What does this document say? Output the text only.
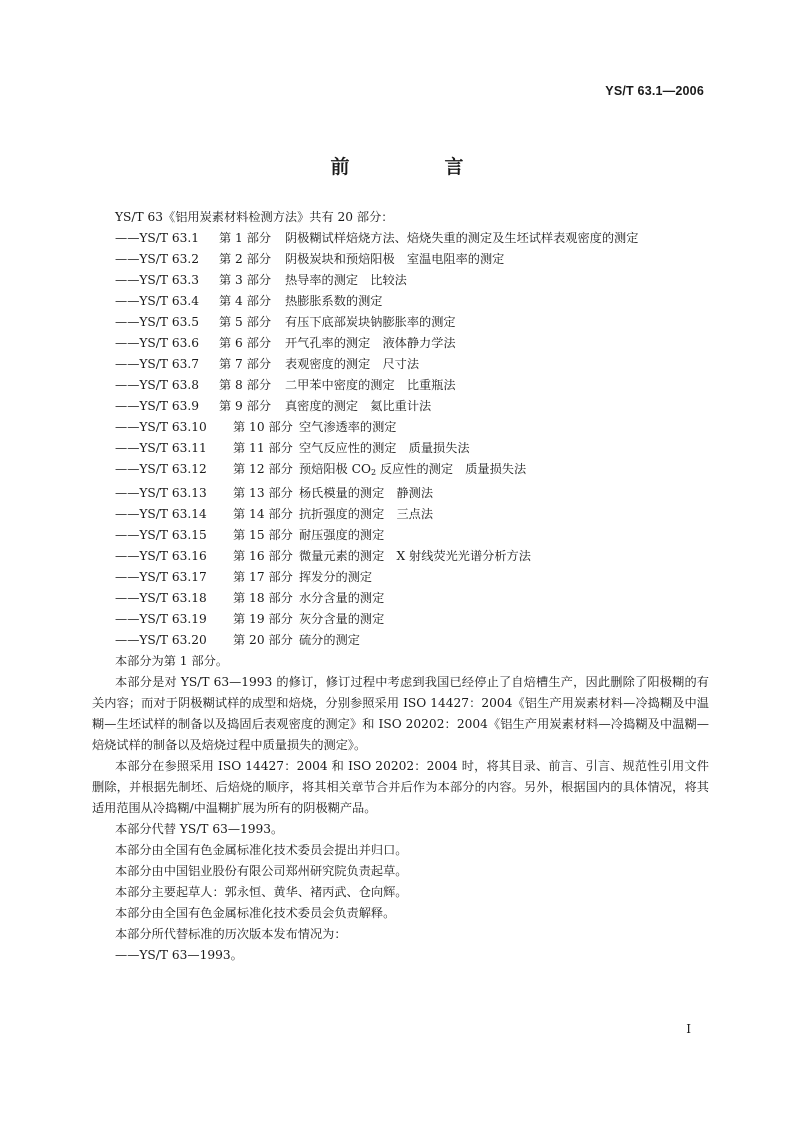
YS/T 63.1—2006
前　言
YS/T 63《铝用炭素材料检测方法》共有 20 部分：
——YS/T 63.1 第 1 部分 阴极糊试样焙烧方法、焙烧失重的测定及生坯试样表观密度的测定
——YS/T 63.2 第 2 部分 阴极炭块和预焙阳极　室温电阻率的测定
——YS/T 63.3 第 3 部分 热导率的测定　比较法
——YS/T 63.4 第 4 部分 热膨胀系数的测定
——YS/T 63.5 第 5 部分 有压下底部炭块钠膨胀率的测定
——YS/T 63.6 第 6 部分 开气孔率的测定　液体静力学法
——YS/T 63.7 第 7 部分 表观密度的测定　尺寸法
——YS/T 63.8 第 8 部分 二甲苯中密度的测定　比重瓶法
——YS/T 63.9 第 9 部分 真密度的测定　氦比重计法
——YS/T 63.10 第 10 部分 空气渗透率的测定
——YS/T 63.11 第 11 部分 空气反应性的测定　质量损失法
——YS/T 63.12 第 12 部分 预焙阳极 $CO_2$ 反应性的测定　质量损失法
——YS/T 63.13 第 13 部分 杨氏模量的测定　静测法
——YS/T 63.14 第 14 部分 抗折强度的测定　三点法
——YS/T 63.15 第 15 部分 耐压强度的测定
——YS/T 63.16 第 16 部分 微量元素的测定　X 射线荧光光谱分析方法
——YS/T 63.17 第 17 部分 挥发分的测定
——YS/T 63.18 第 18 部分 水分含量的测定
——YS/T 63.19 第 19 部分 灰分含量的测定
——YS/T 63.20 第 20 部分 硫分的测定
本部分为第 1 部分。
本部分是对 YS/T 63—1993 的修订，修订过程中考虑到我国已经停止了自焙槽生产，因此删除了阳极糊的有关内容；而对于阴极糊试样的成型和焙烧，分别参照采用 ISO 14427：2004《铝生产用炭素材料—冷捣糊及中温糊—生坯试样的制备以及捣固后表观密度的测定》和 ISO 20202：2004《铝生产用炭素材料—冷捣糊及中温糊—焙烧试样的制备以及焙烧过程中质量损失的测定》。
本部分在参照采用 ISO 14427：2004 和 ISO 20202：2004 时，将其目录、前言、引言、规范性引用文件删除，并根据先制坯、后焙烧的顺序，将其相关章节合并后作为本部分的内容。另外，根据国内的具体情况，将其适用范围从冷捣糊/中温糊扩展为所有的阴极糊产品。
本部分代替 YS/T 63—1993。
本部分由全国有色金属标准化技术委员会提出并归口。
本部分由中国铝业股份有限公司郑州研究院负责起草。
本部分主要起草人：郭永恒、黄华、褚丙武、仓向辉。
本部分由全国有色金属标准化技术委员会负责解释。
本部分所代替标准的历次版本发布情况为：
——YS/T 63—1993。
I
